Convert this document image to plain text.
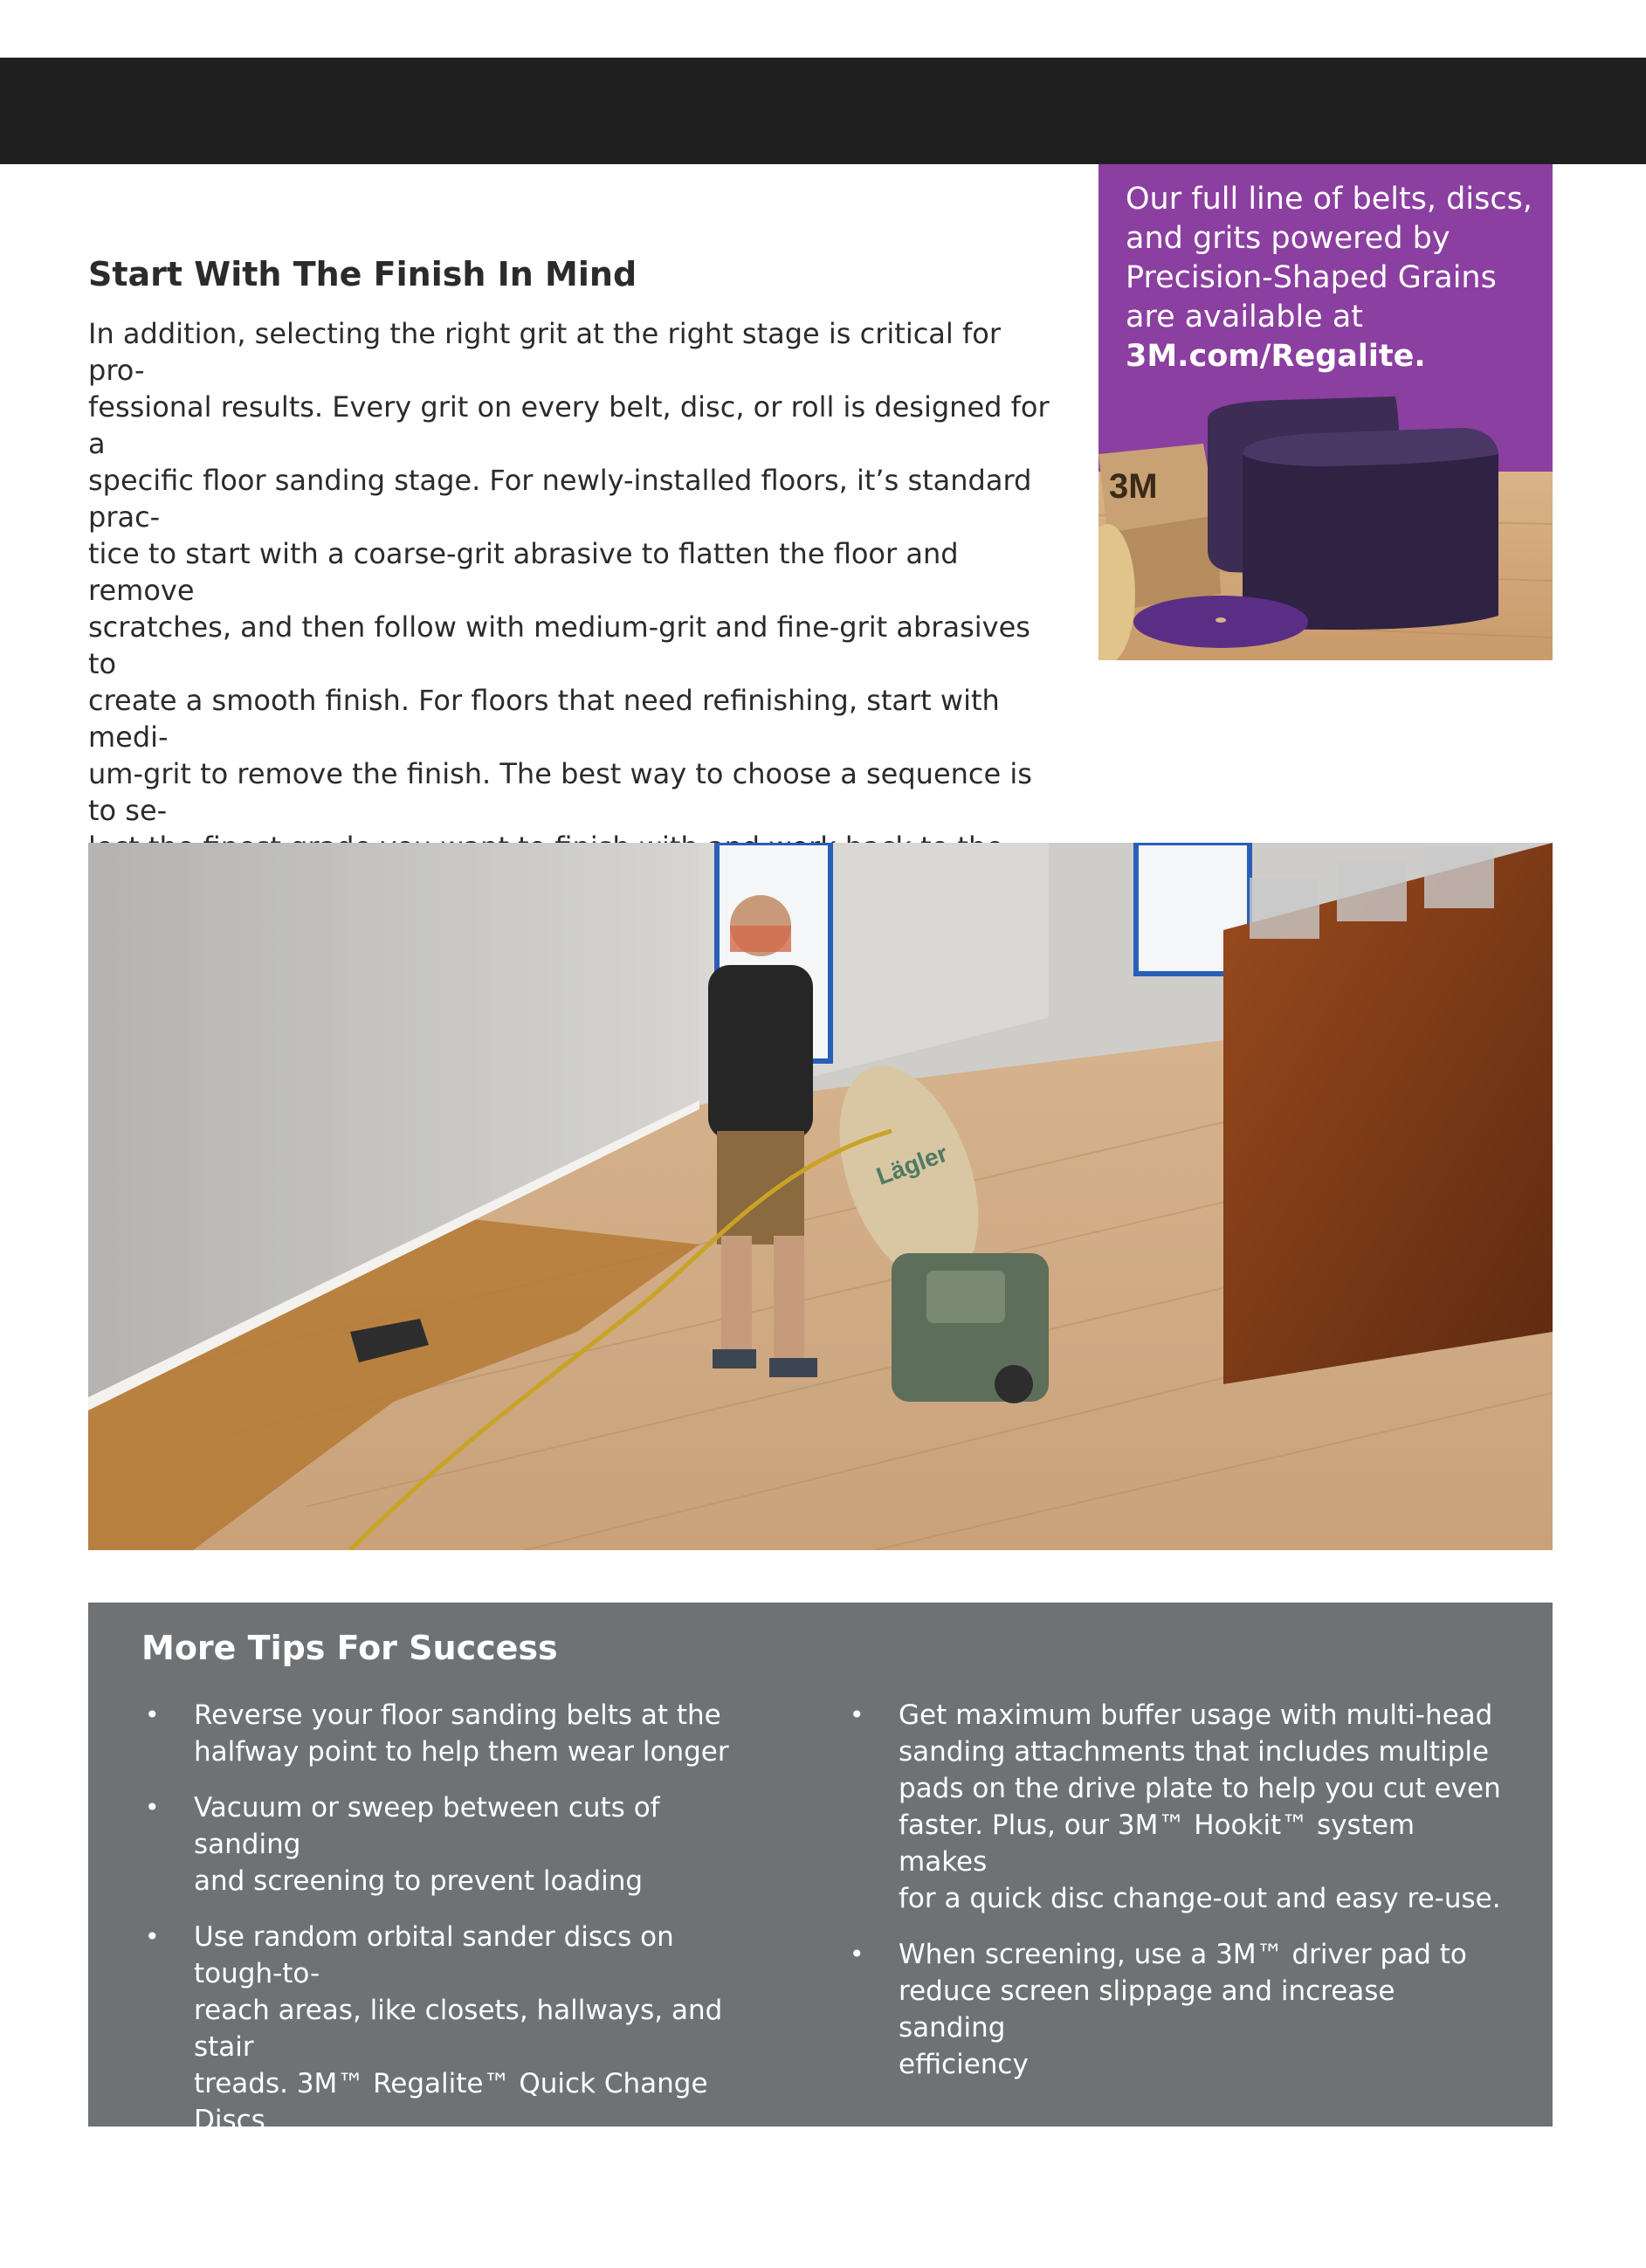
Start With The Finish In Mind

In addition, selecting the right grit at the right stage is critical for pro-
fessional results. Every grit on every belt, disc, or roll is designed for a
specific floor sanding stage. For newly-installed floors, it’s standard prac-
tice to start with a coarse-grit abrasive to flatten the floor and remove
scratches, and then follow with medium-grit and fine-grit abrasives to
create a smooth finish. For floors that need refinishing, start with medi-
um-grit to remove the finish. The best way to choose a sequence is to se-

Our full line of belts, discs, and grits powered by Precision-Shaped Grains are available at
3M.com/Regalite.
3M
Lägler
More Tips For Success
• Reverse your floor sanding belts at the
halfway point to help them wear longer
• Vacuum or sweep between cuts of sanding
and screening to prevent loading
• Use random orbital sander discs on tough-to-
reach areas, like closets, hallways, and stair
treads. 3M™ Regalite™ Quick Change Discs
are engineered with Precision-Shaped Grains
for faster cut and durability.
• Get maximum buffer usage with multi-head
sanding attachments that includes multiple
pads on the drive plate to help you cut even
faster. Plus, our 3M™ Hookit™ system makes
for a quick disc change-out and easy re-use.
• When screening, use a 3M™ driver pad to
reduce screen slippage and increase sanding
efficiency
